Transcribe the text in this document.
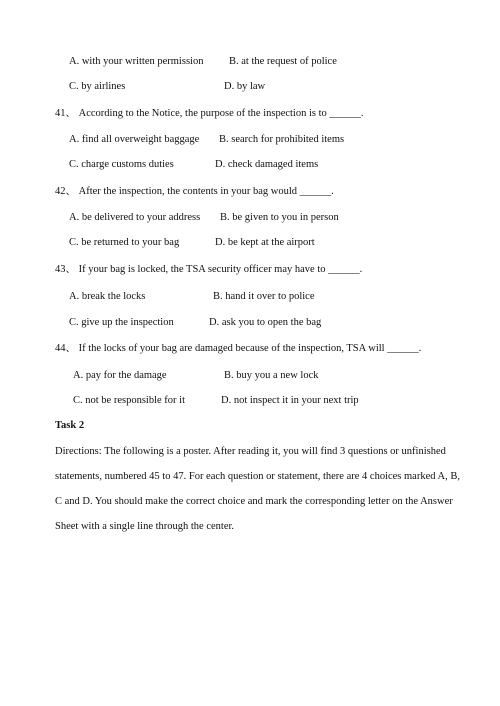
A. with your written permission B. at the request of police
C. by airlines	D. by law
41、 According to the Notice, the purpose of the inspection is to ______.
A. find all overweight baggage B. search for prohibited items
C. charge customs duties	D. check damaged items
42、 After the inspection, the contents in your bag would ______.
A. be delivered to your address B. be given to you in person
C. be returned to your bag	D. be kept at the airport
43、 If your bag is locked, the TSA security officer may have to ______.
A. break the locks	B. hand it over to police
C. give up the inspection	D. ask you to open the bag
44、 If the locks of your bag are damaged because of the inspection, TSA will ______.
A. pay for the damage	B. buy you a new lock
C. not be responsible for it	D. not inspect it in your next trip
Task 2
Directions: The following is a poster. After reading it, you will find 3 questions or unfinished
statements, numbered 45 to 47. For each question or statement, there are 4 choices marked A, B,
C and D. You should make the correct choice and mark the corresponding letter on the Answer
Sheet with a single line through the center.
